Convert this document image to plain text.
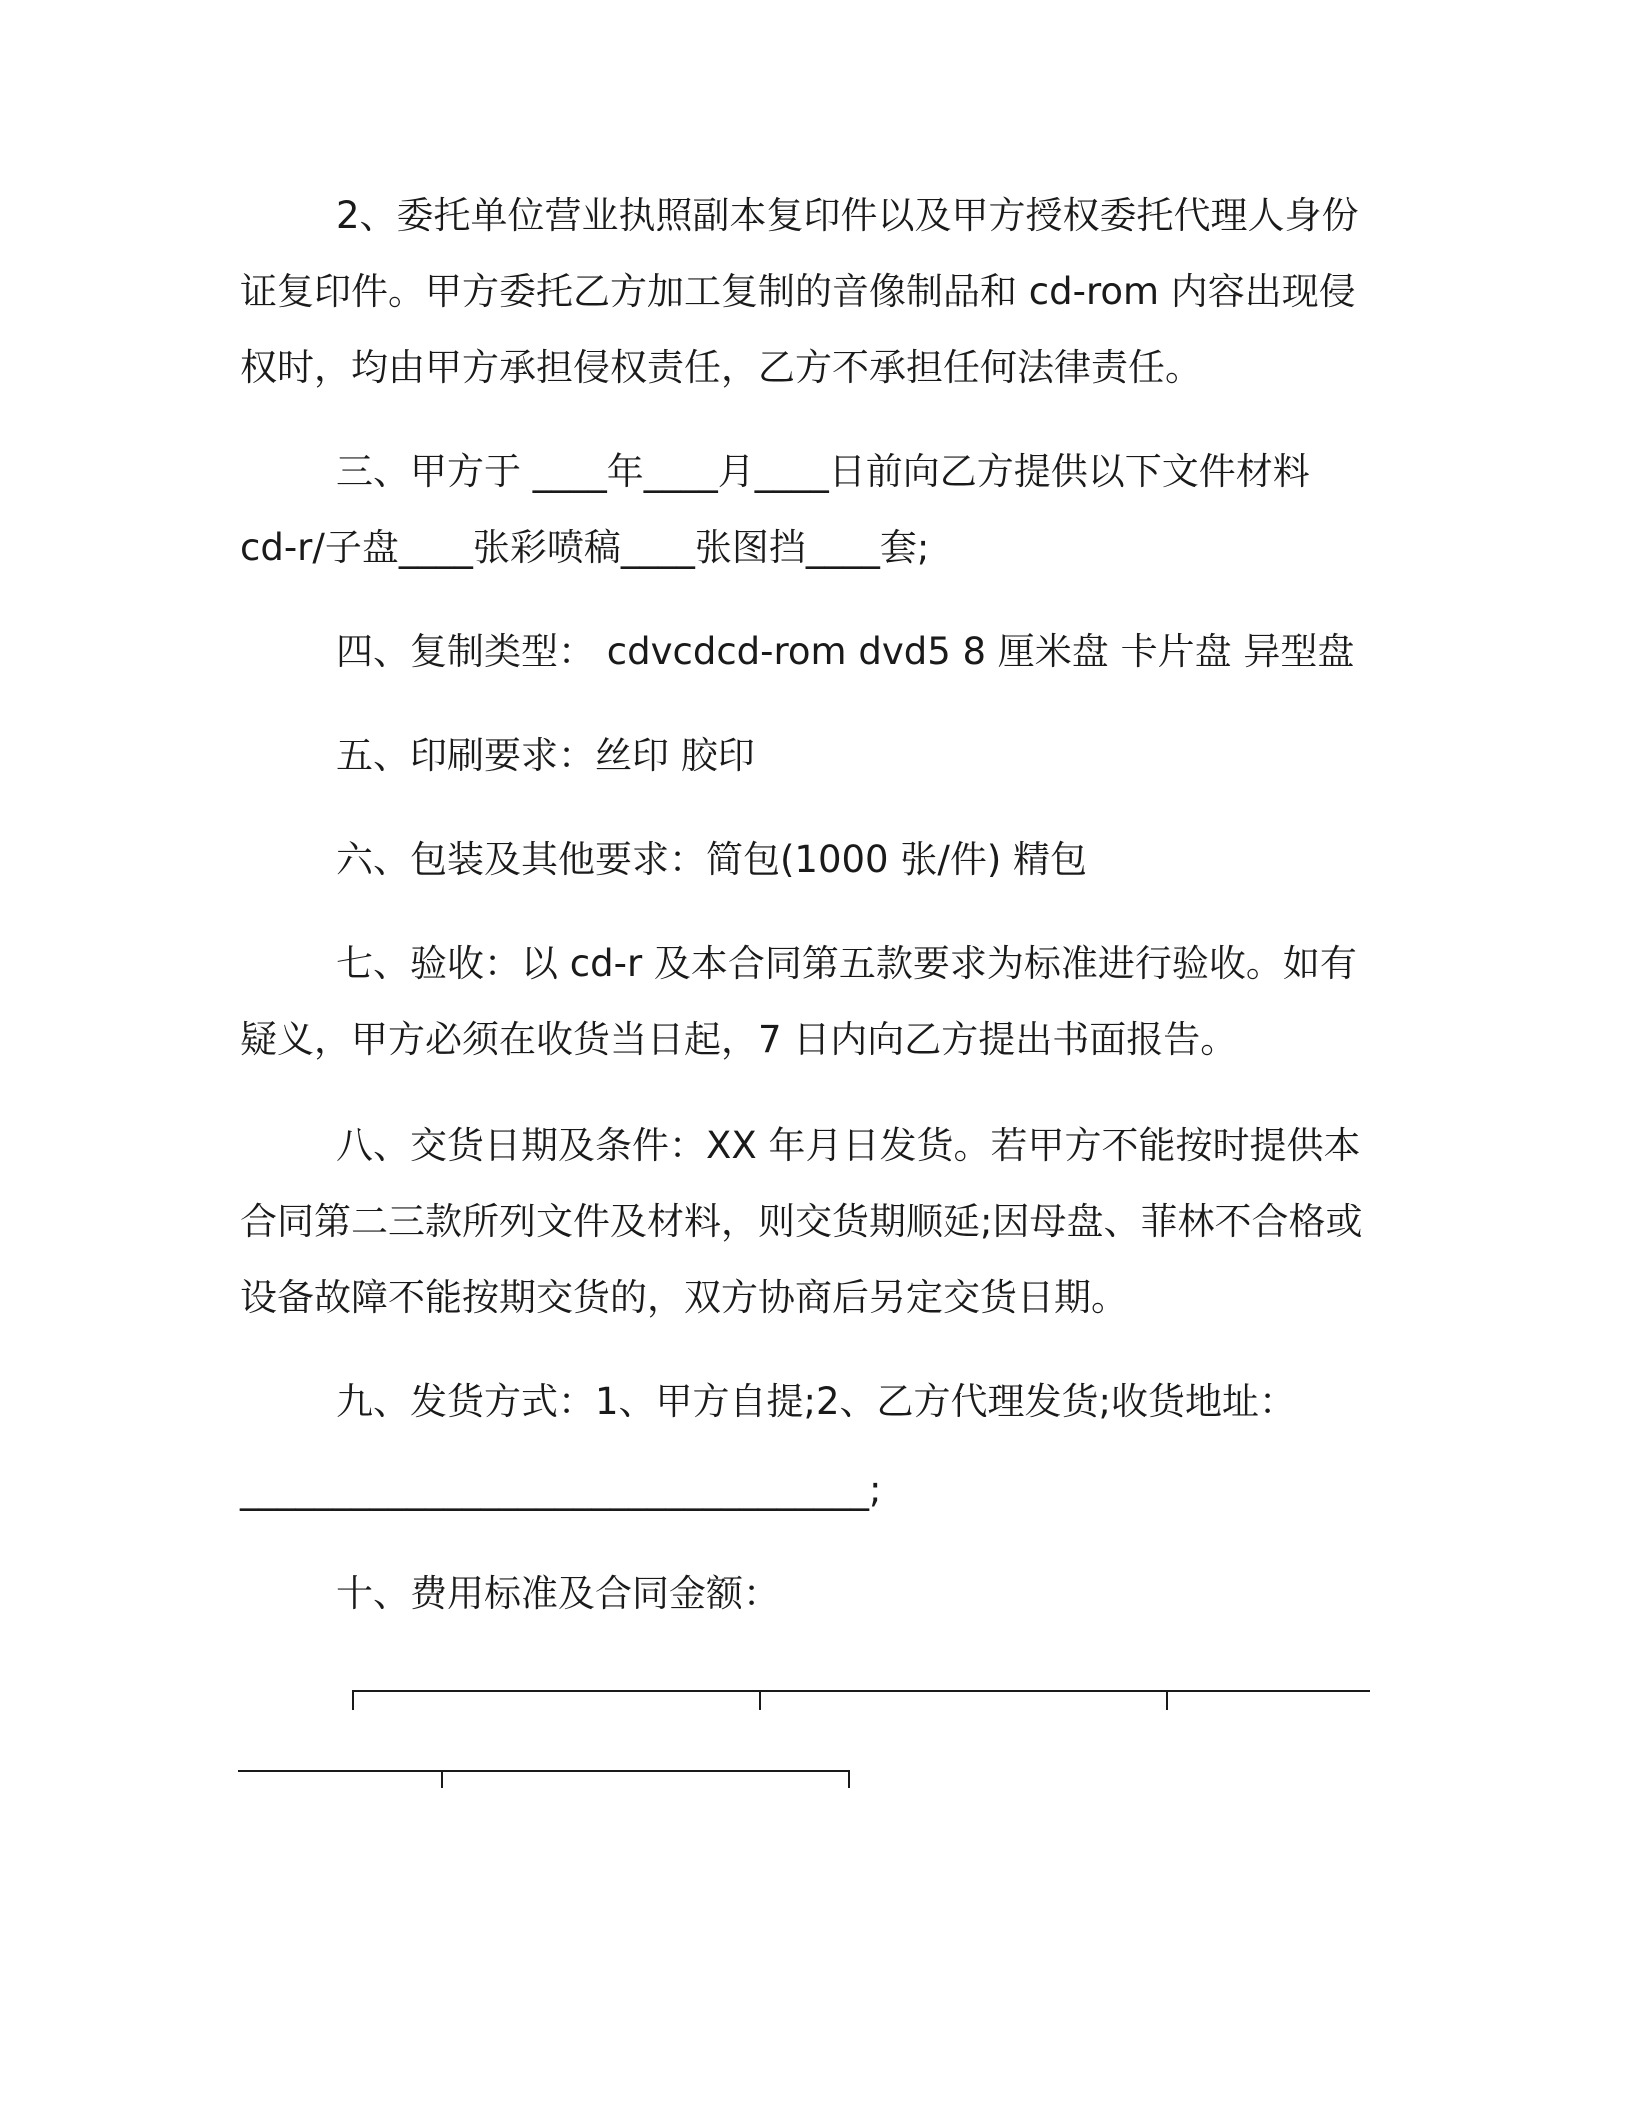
2、委托单位营业执照副本复印件以及甲方授权委托代理人身份
证复印件。甲方委托乙方加工复制的音像制品和 cd-rom 内容出现侵
权时，均由甲方承担侵权责任，乙方不承担任何法律责任。
三、甲方于 ____年____月____日前向乙方提供以下文件材料
cd-r/子盘____张彩喷稿____张图挡____套;
四、复制类型： cdvcdcd-rom dvd5 8 厘米盘 卡片盘 异型盘
五、印刷要求：丝印 胶印
六、包装及其他要求：简包(1000 张/件) 精包
七、验收：以 cd-r 及本合同第五款要求为标准进行验收。如有
疑义，甲方必须在收货当日起，7 日内向乙方提出书面报告。
八、交货日期及条件：XX 年月日发货。若甲方不能按时提供本
合同第二三款所列文件及材料，则交货期顺延;因母盘、菲林不合格或
设备故障不能按期交货的，双方协商后另定交货日期。
九、发货方式：1、甲方自提;2、乙方代理发货;收货地址：
__________________________________;
十、费用标准及合同金额：
